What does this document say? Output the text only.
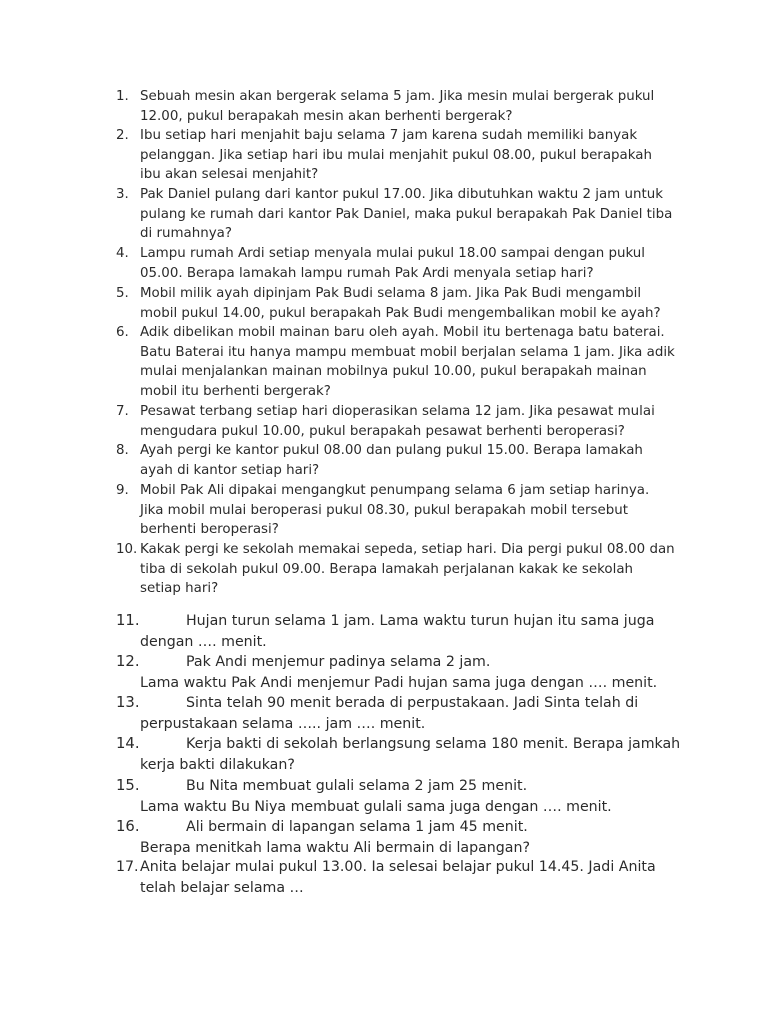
1. Sebuah mesin akan bergerak selama 5 jam. Jika mesin mulai bergerak pukul 12.00, pukul berapakah mesin akan berhenti bergerak?
2. Ibu setiap hari menjahit baju selama 7 jam karena sudah memiliki banyak pelanggan. Jika setiap hari ibu mulai menjahit pukul 08.00, pukul berapakah ibu akan selesai menjahit?
3. Pak Daniel pulang dari kantor pukul 17.00. Jika dibutuhkan waktu 2 jam untuk pulang ke rumah dari kantor Pak Daniel, maka pukul berapakah Pak Daniel tiba di rumahnya?
4. Lampu rumah Ardi setiap menyala mulai pukul 18.00 sampai dengan pukul 05.00. Berapa lamakah lampu rumah Pak Ardi menyala setiap hari?
5. Mobil milik ayah dipinjam Pak Budi selama 8 jam. Jika Pak Budi mengambil mobil pukul 14.00, pukul berapakah Pak Budi mengembalikan mobil ke ayah?
6. Adik dibelikan mobil mainan baru oleh ayah. Mobil itu bertenaga batu baterai. Batu Baterai itu hanya mampu membuat mobil berjalan selama 1 jam. Jika adik mulai menjalankan mainan mobilnya pukul 10.00, pukul berapakah mainan mobil itu berhenti bergerak?
7. Pesawat terbang setiap hari dioperasikan selama 12 jam. Jika pesawat mulai mengudara pukul 10.00, pukul berapakah pesawat berhenti beroperasi?
8. Ayah pergi ke kantor pukul 08.00 dan pulang pukul 15.00. Berapa lamakah ayah di kantor setiap hari?
9. Mobil Pak Ali dipakai mengangkut penumpang selama 6 jam setiap harinya. Jika mobil mulai beroperasi pukul 08.30, pukul berapakah mobil tersebut berhenti beroperasi?
10. Kakak pergi ke sekolah memakai sepeda, setiap hari. Dia pergi pukul 08.00 dan tiba di sekolah pukul 09.00. Berapa lamakah perjalanan kakak ke sekolah setiap hari?
11.	Hujan turun selama 1 jam. Lama waktu turun hujan itu sama juga
dengan …. menit.
12.	Pak Andi menjemur padinya selama 2 jam.
Lama waktu Pak Andi menjemur Padi hujan sama juga dengan …. menit.
13.	Sinta telah 90 menit berada di perpustakaan. Jadi Sinta telah di
perpustakaan selama ….. jam …. menit.
14.	Kerja bakti di sekolah berlangsung selama 180 menit. Berapa jamkah
kerja bakti dilakukan?
15.	Bu Nita membuat gulali selama 2 jam 25 menit.
Lama waktu Bu Niya membuat gulali sama juga dengan …. menit.
16.	Ali bermain di lapangan selama 1 jam 45 menit.
Berapa menitkah lama waktu Ali bermain di lapangan?
17. Anita belajar mulai pukul 13.00. Ia selesai belajar pukul 14.45. Jadi Anita telah belajar selama …
